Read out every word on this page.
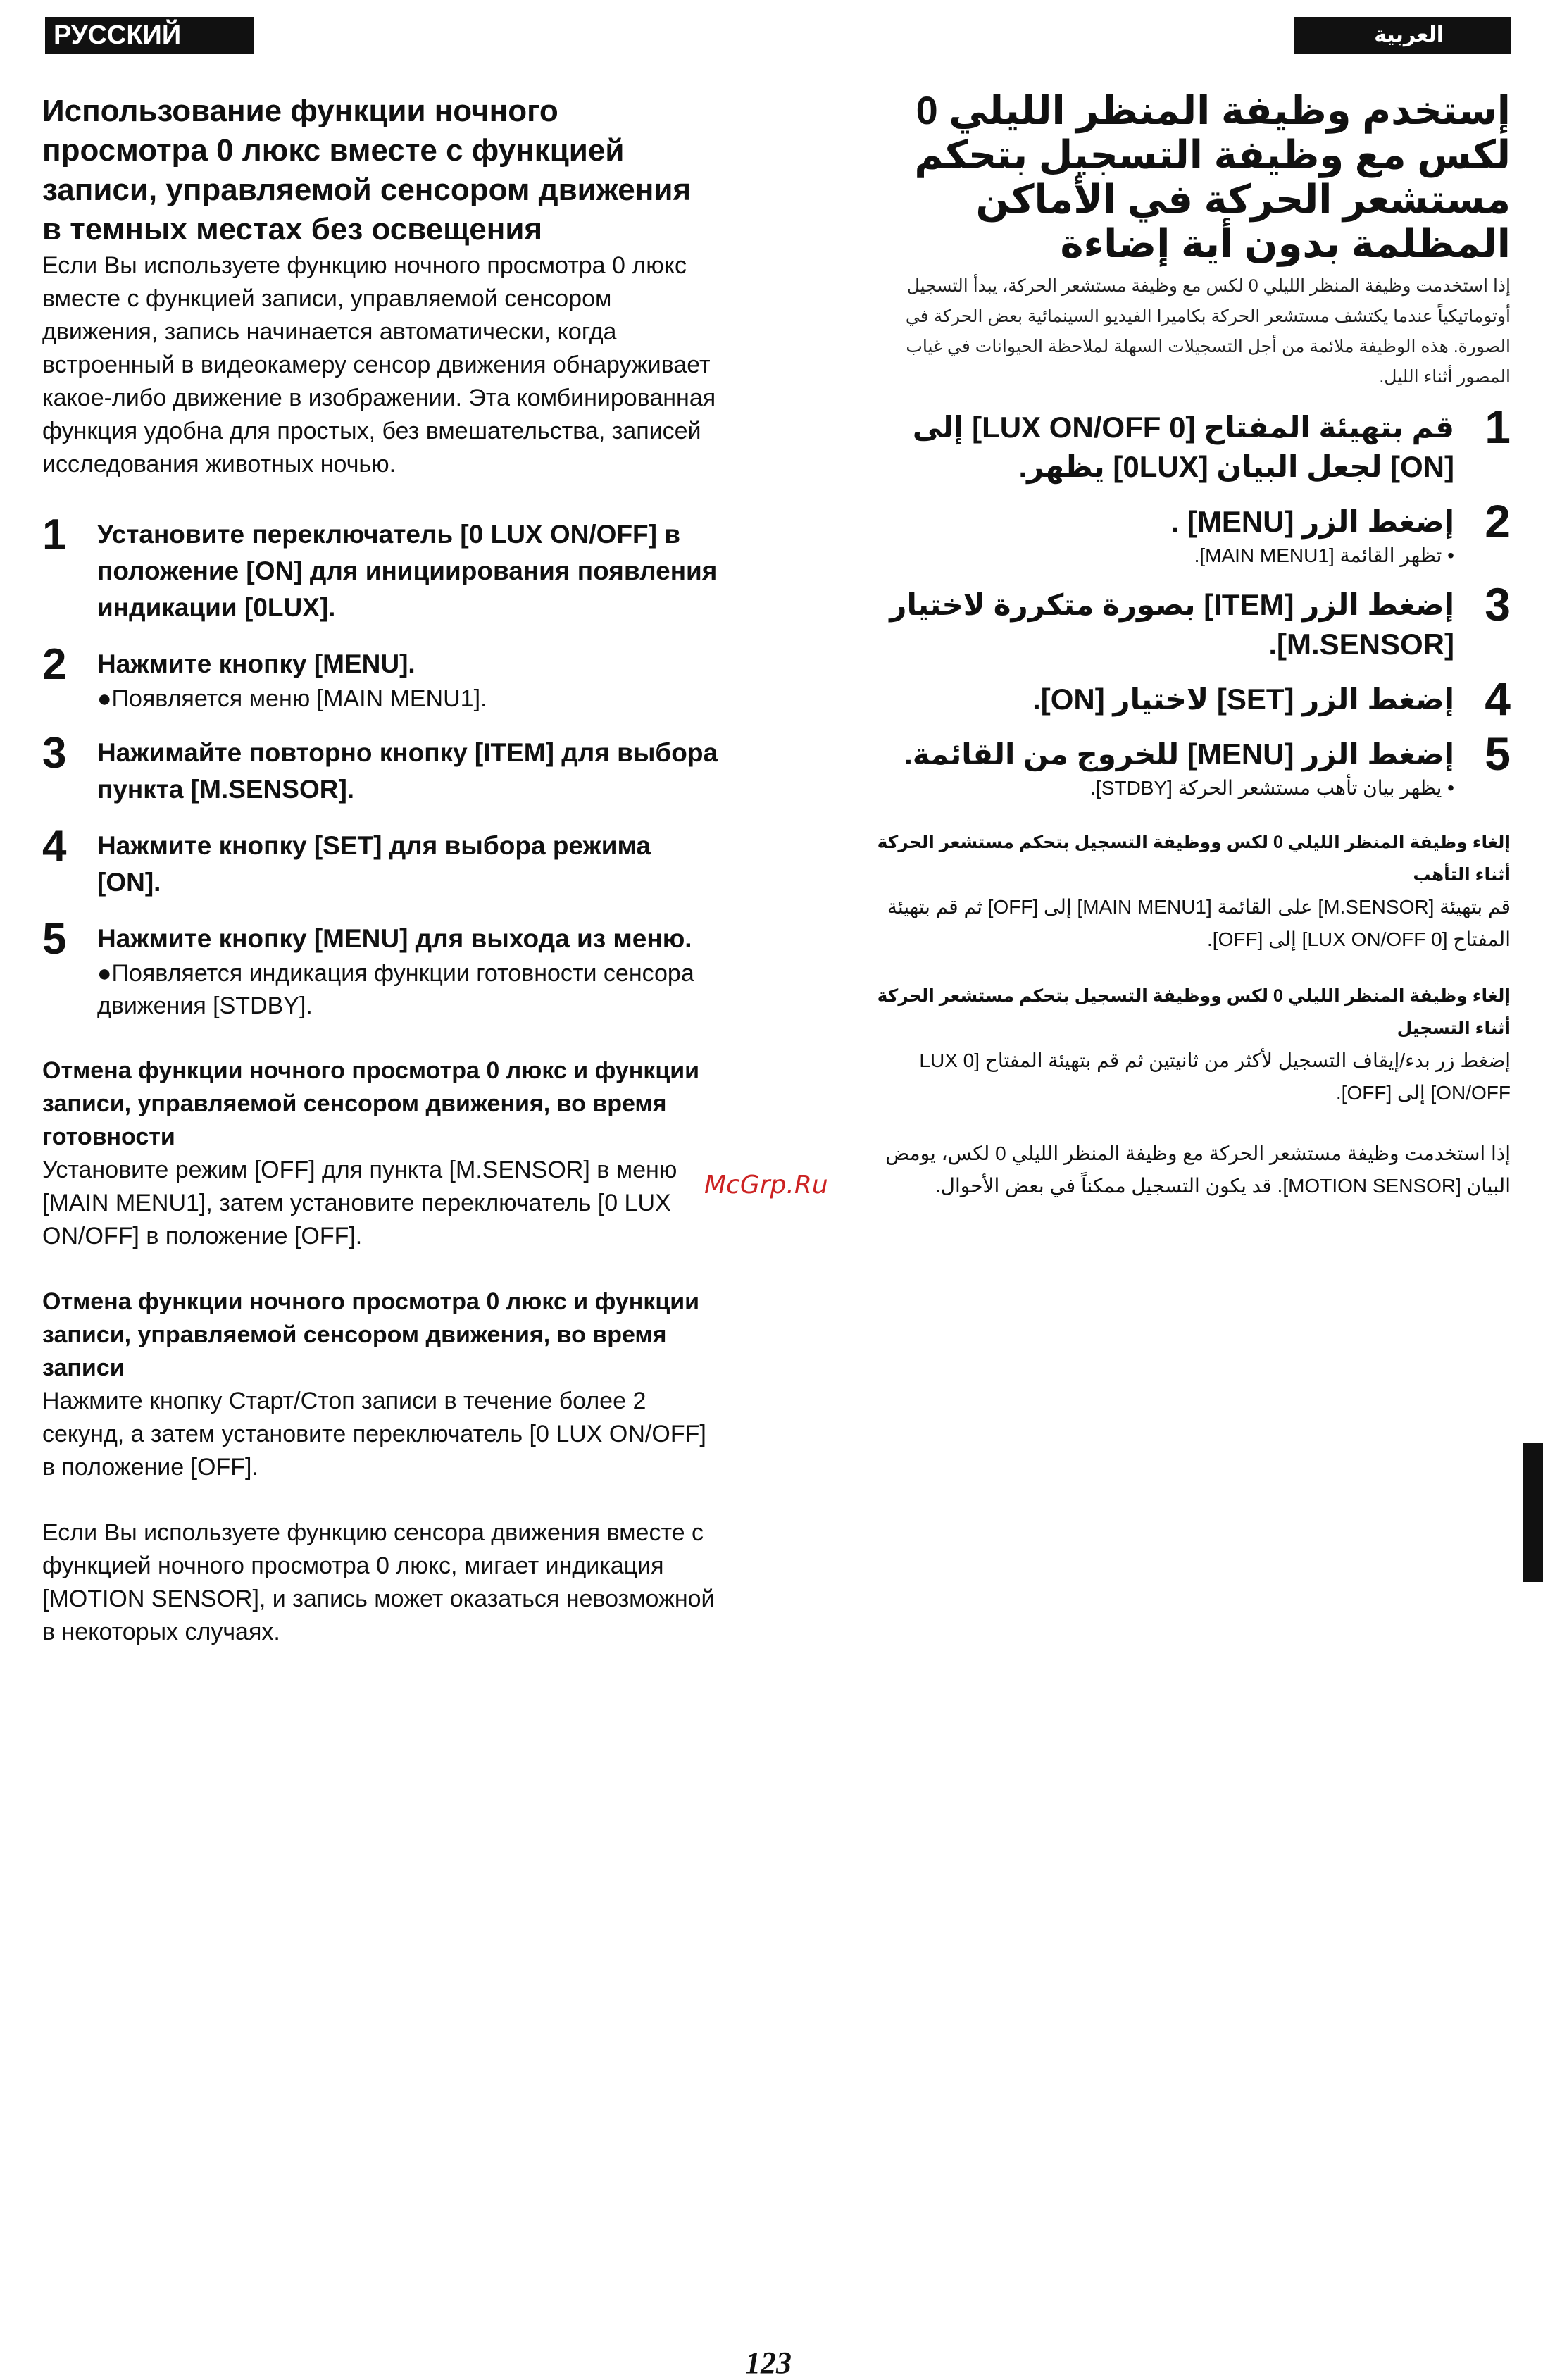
РУССКИЙ ЯЗЫК
العربية
Использование функции ночного просмотра 0 люкс вместе с функцией записи, управляемой сенсором движения в темных местах без освещения

Если Вы используете функцию ночного просмотра 0 люкс вместе с функцией записи, управляемой сенсором движения, запись начинается автоматически, когда встроенный в видеокамеру сенсор движения обнаруживает какое-либо движение в изображении. Эта комбинированная функция удобна для простых, без вмешательства, записей исследования животных ночью.

1 Установите переключатель [0 LUX ON/OFF] в положение [ON] для инициирования появления индикации [0LUX].
2 Нажмите кнопку [MENU].
●Появляется меню [MAIN MENU1].
3 Нажимайте повторно кнопку [ITEM] для выбора пункта [M.SENSOR].
4 Нажмите кнопку [SET] для выбора режима [ON].
5 Нажмите кнопку [MENU] для выхода из меню.
●Появляется индикация функции готовности сенсора движения [STDBY].

Отмена функции ночного просмотра 0 люкс и функции записи, управляемой сенсором движения, во время готовности

Установите режим [OFF] для пункта [M.SENSOR] в меню [MAIN MENU1], затем установите переключатель [0 LUX ON/OFF] в положение [OFF].

Отмена функции ночного просмотра 0 люкс и функции записи, управляемой сенсором движения, во время записи

Нажмите кнопку Старт/Стоп записи в течение более 2 секунд, а затем установите переключатель [0 LUX ON/OFF] в положение [OFF].

Если Вы используете функцию сенсора движения вместе с функцией ночного просмотра 0 люкс, мигает индикация [MOTION SENSOR], и запись может оказаться невозможной в некоторых случаях.

إستخدم وظيفة المنظر الليلي 0 لكس مع وظيفة التسجيل بتحكم مستشعر الحركة في الأماكن المظلمة بدون أية إضاءة

إذا استخدمت وظيفة المنظر الليلي 0 لكس مع وظيفة مستشعر الحركة، يبدأ التسجيل أوتوماتيكياً عندما يكتشف مستشعر الحركة بكاميرا الفيديو السينمائية بعض الحركة في الصورة. هذه الوظيفة ملائمة من أجل التسجيلات السهلة لملاحظة الحيوانات في غياب المصور أثناء الليل.

1
قم بتهيئة المفتاح [0 LUX ON/OFF] إلى [ON] لجعل البيان [0LUX] يظهر.
2
إضغط الزر [MENU] .
• تظهر القائمة [MAIN MENU1].
3
إضغط الزر [ITEM] بصورة متكررة لاختيار [M.SENSOR].
4
إضغط الزر [SET] لاختيار [ON].
5
إضغط الزر [MENU] للخروج من القائمة.
• يظهر بيان تأهب مستشعر الحركة [STDBY].

إلغاء وظيفة المنظر الليلي 0 لكس ووظيفة التسجيل بتحكم مستشعر الحركة أثناء التأهب

قم بتهيئة [M.SENSOR] على القائمة [MAIN MENU1] إلى [OFF] ثم قم بتهيئة المفتاح [0 LUX ON/OFF] إلى [OFF].

إلغاء وظيفة المنظر الليلي 0 لكس ووظيفة التسجيل بتحكم مستشعر الحركة أثناء التسجيل

إضغط زر بدء/إيقاف التسجيل لأكثر من ثانيتين ثم قم بتهيئة المفتاح [0 LUX ON/OFF] إلى [OFF].

إذا استخدمت وظيفة مستشعر الحركة مع وظيفة المنظر الليلي 0 لكس، يومض البيان [MOTION SENSOR]. قد يكون التسجيل ممكناً في بعض الأحوال.

McGrp.Ru
123
